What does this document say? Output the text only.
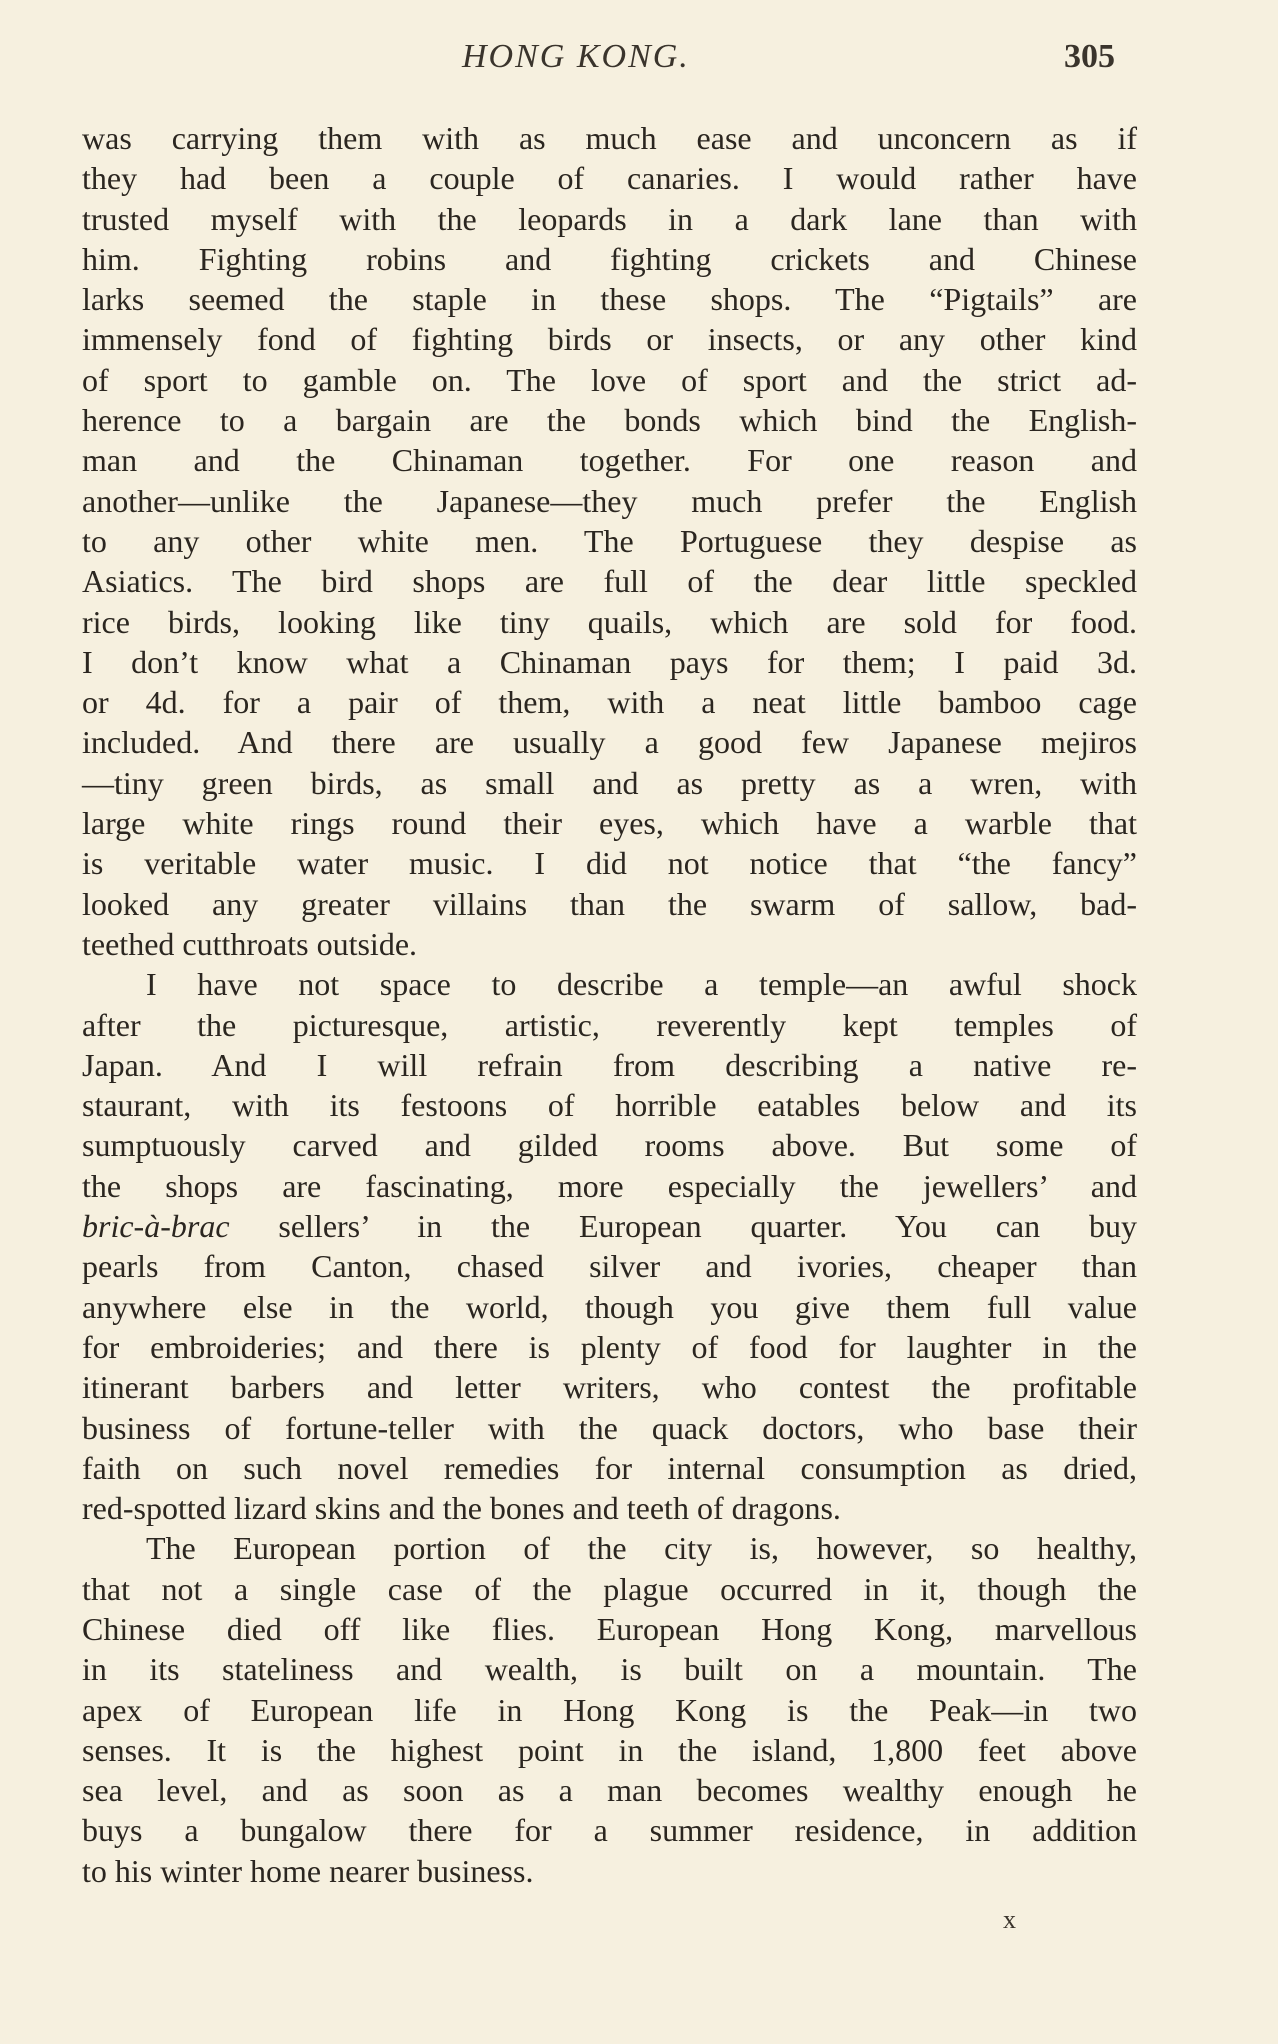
HONG KONG.	305
was carrying them with as much ease and unconcern as if
they had been a couple of canaries. I would rather have
trusted myself with the leopards in a dark lane than with
him. Fighting robins and fighting crickets and Chinese
larks seemed the staple in these shops. The “Pigtails” are
immensely fond of fighting birds or insects, or any other kind
of sport to gamble on. The love of sport and the strict ad-
herence to a bargain are the bonds which bind the English-
man and the Chinaman together. For one reason and
another—unlike the Japanese—they much prefer the English
to any other white men. The Portuguese they despise as
Asiatics. The bird shops are full of the dear little speckled
rice birds, looking like tiny quails, which are sold for food.
I don’t know what a Chinaman pays for them; I paid 3d.
or 4d. for a pair of them, with a neat little bamboo cage
included. And there are usually a good few Japanese mejiros
—tiny green birds, as small and as pretty as a wren, with
large white rings round their eyes, which have a warble that
is veritable water music. I did not notice that “the fancy”
looked any greater villains than the swarm of sallow, bad-
teethed cutthroats outside.
I have not space to describe a temple—an awful shock
after the picturesque, artistic, reverently kept temples of
Japan. And I will refrain from describing a native re-
staurant, with its festoons of horrible eatables below and its
sumptuously carved and gilded rooms above. But some of
the shops are fascinating, more especially the jewellers’ and
bric-à-brac sellers’ in the European quarter. You can buy
pearls from Canton, chased silver and ivories, cheaper than
anywhere else in the world, though you give them full value
for embroideries; and there is plenty of food for laughter in the
itinerant barbers and letter writers, who contest the profitable
business of fortune-teller with the quack doctors, who base their
faith on such novel remedies for internal consumption as dried,
red-spotted lizard skins and the bones and teeth of dragons.
The European portion of the city is, however, so healthy,
that not a single case of the plague occurred in it, though the
Chinese died off like flies. European Hong Kong, marvellous
in its stateliness and wealth, is built on a mountain. The
apex of European life in Hong Kong is the Peak—in two
senses. It is the highest point in the island, 1,800 feet above
sea level, and as soon as a man becomes wealthy enough he
buys a bungalow there for a summer residence, in addition
to his winter home nearer business.
x
